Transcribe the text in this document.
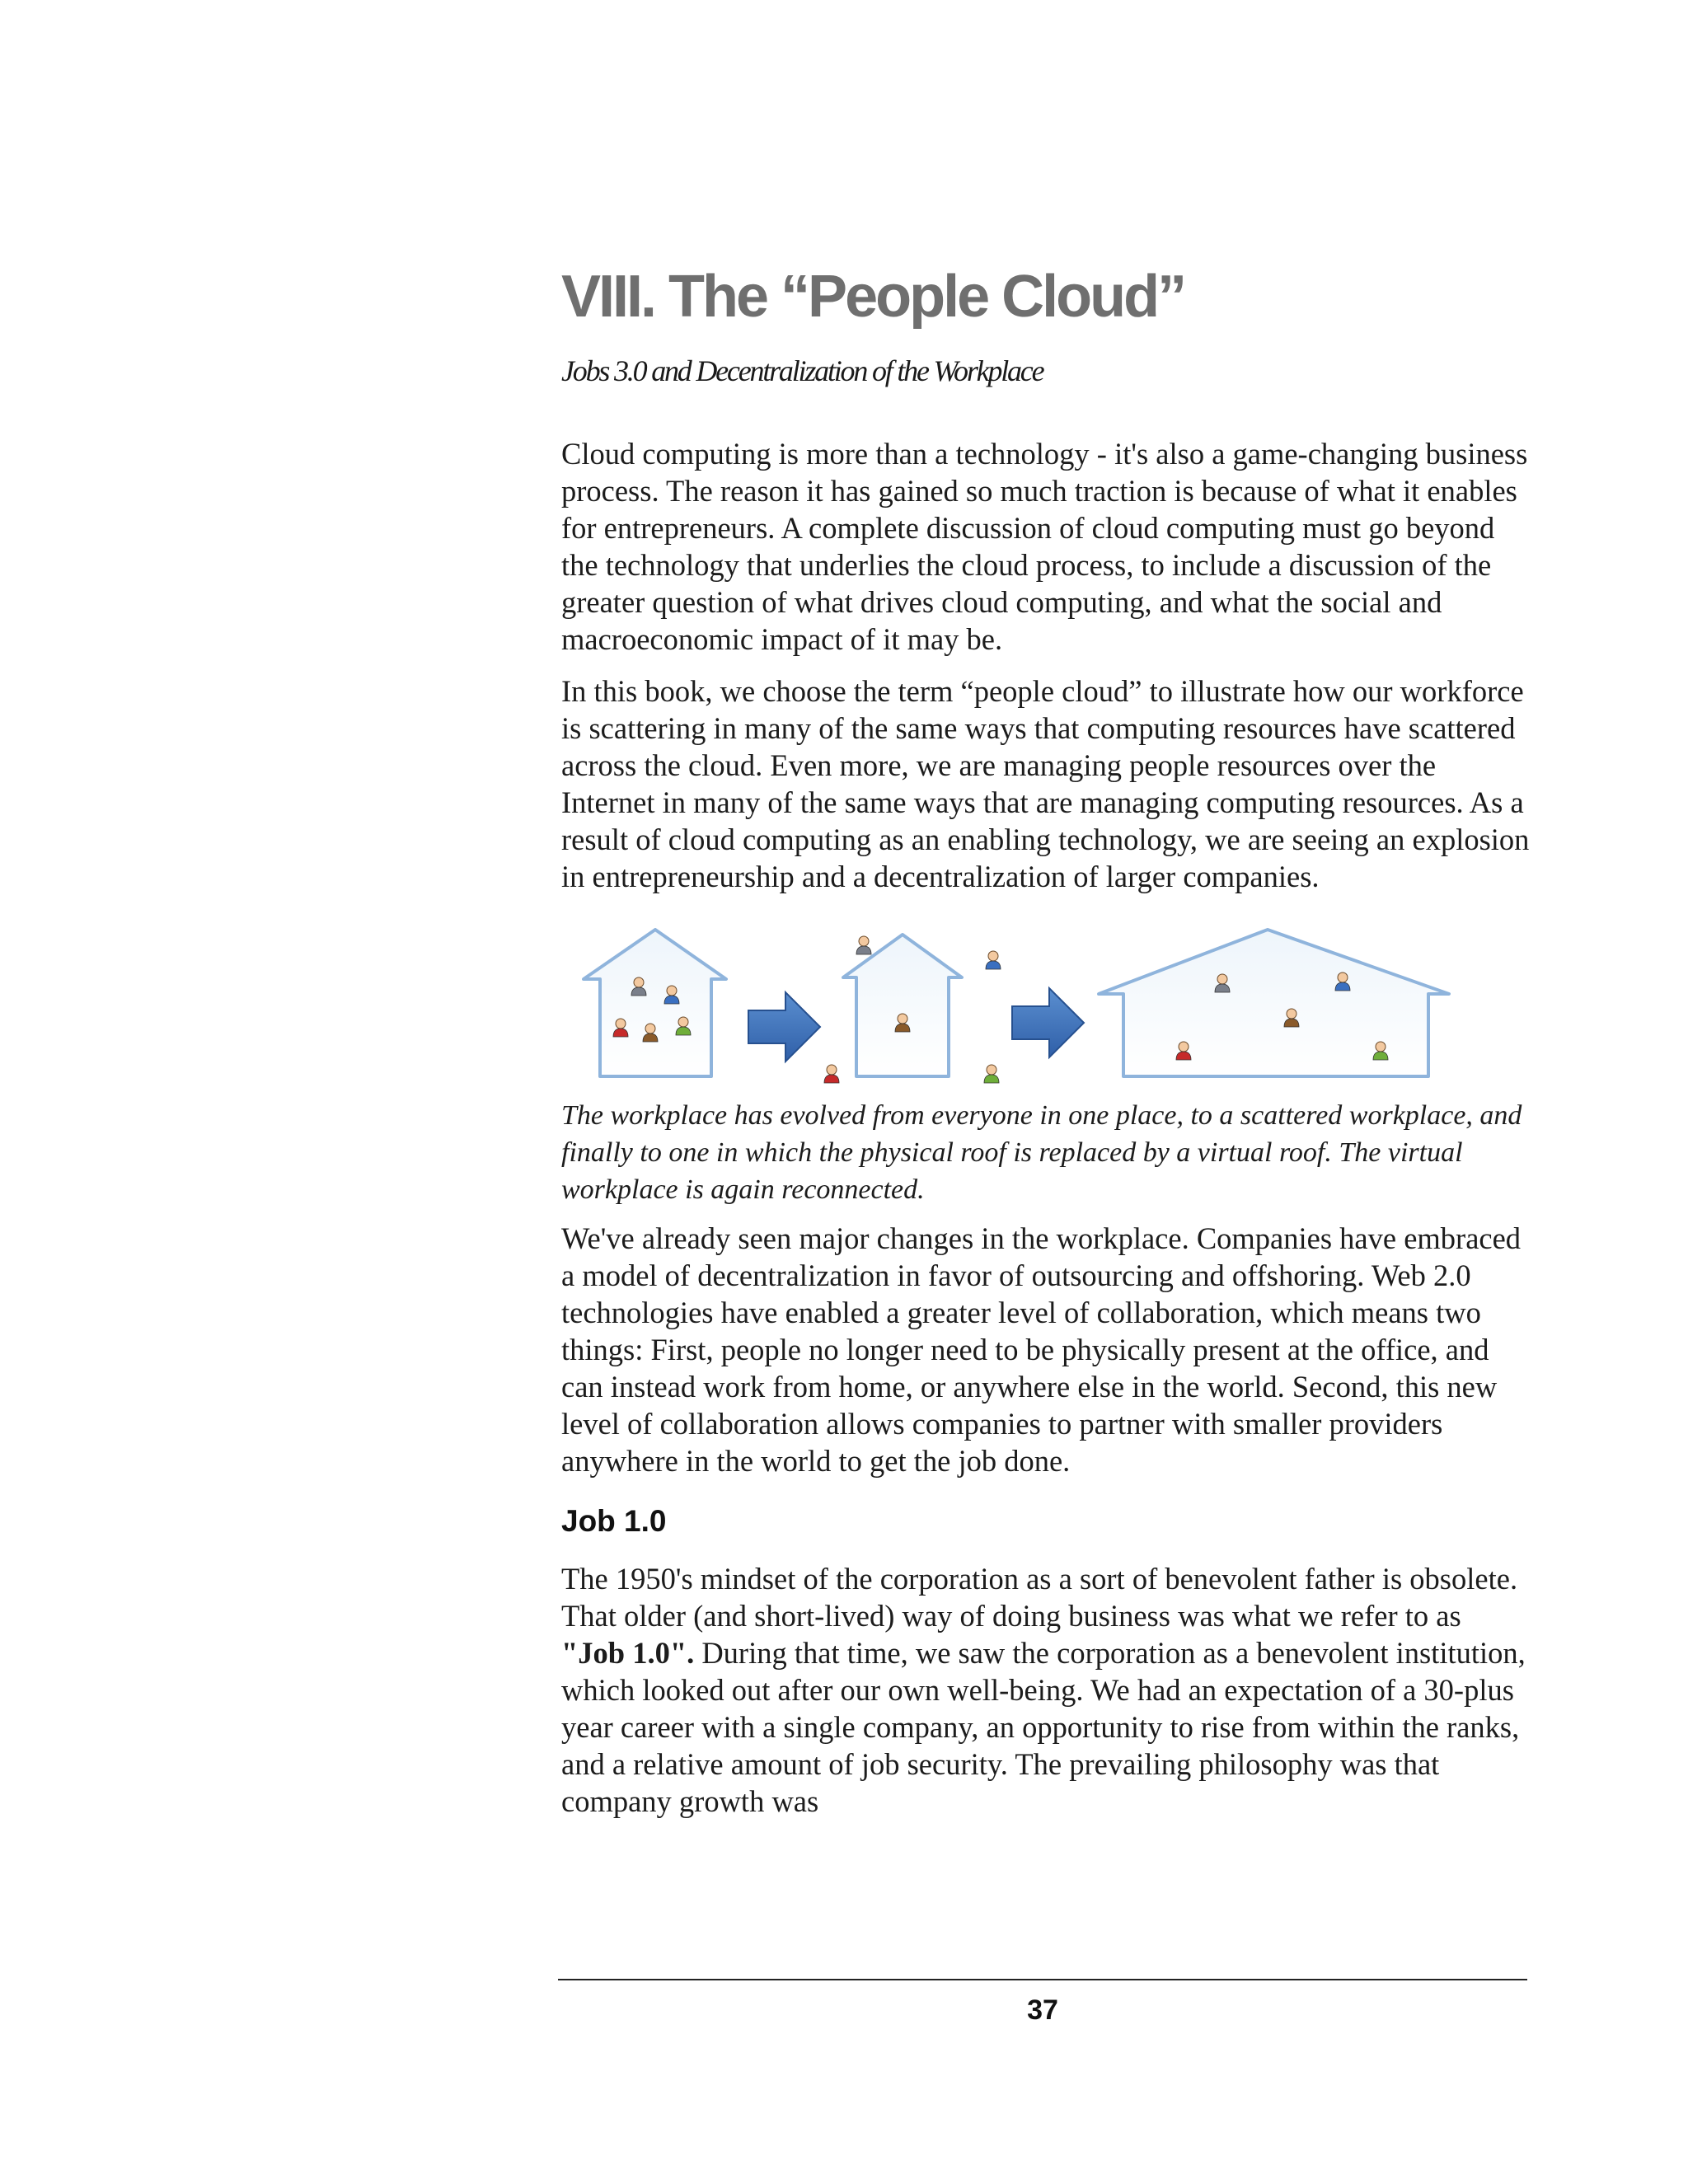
VIII. The “People Cloud”
Jobs 3.0 and Decentralization of the Workplace

Cloud computing is more than a technology - it's also a game-changing business process. The reason it has gained so much traction is because of what it enables for entrepreneurs. A complete discussion of cloud computing must go beyond the technology that underlies the cloud process, to include a discussion of the greater question of what drives cloud computing, and what the social and macroeconomic impact of it may be.

In this book, we choose the term “people cloud” to illustrate how our workforce is scattering in many of the same ways that computing resources have scattered across the cloud. Even more, we are managing people resources over the Internet in many of the same ways that are managing computing resources. As a result of cloud computing as an enabling technology, we are seeing an explosion in entrepreneurship and a decentralization of larger companies.

The workplace has evolved from everyone in one place, to a scattered workplace, and finally to one in which the physical roof is replaced by a virtual roof. The virtual workplace is again reconnected.

We've already seen major changes in the workplace. Companies have embraced a model of decentralization in favor of outsourcing and offshoring. Web 2.0 technologies have enabled a greater level of collaboration, which means two things: First, people no longer need to be physically present at the office, and can instead work from home, or anywhere else in the world. Second, this new level of collaboration allows companies to partner with smaller providers anywhere in the world to get the job done.

Job 1.0

The 1950's mindset of the corporation as a sort of benevolent father is obsolete. That older (and short-lived) way of doing business was what we refer to as "Job 1.0". During that time, we saw the corporation as a benevolent institution, which looked out after our own well-being. We had an expectation of a 30-plus year career with a single company, an opportunity to rise from within the ranks, and a relative amount of job security. The prevailing philosophy was that company growth was

37
